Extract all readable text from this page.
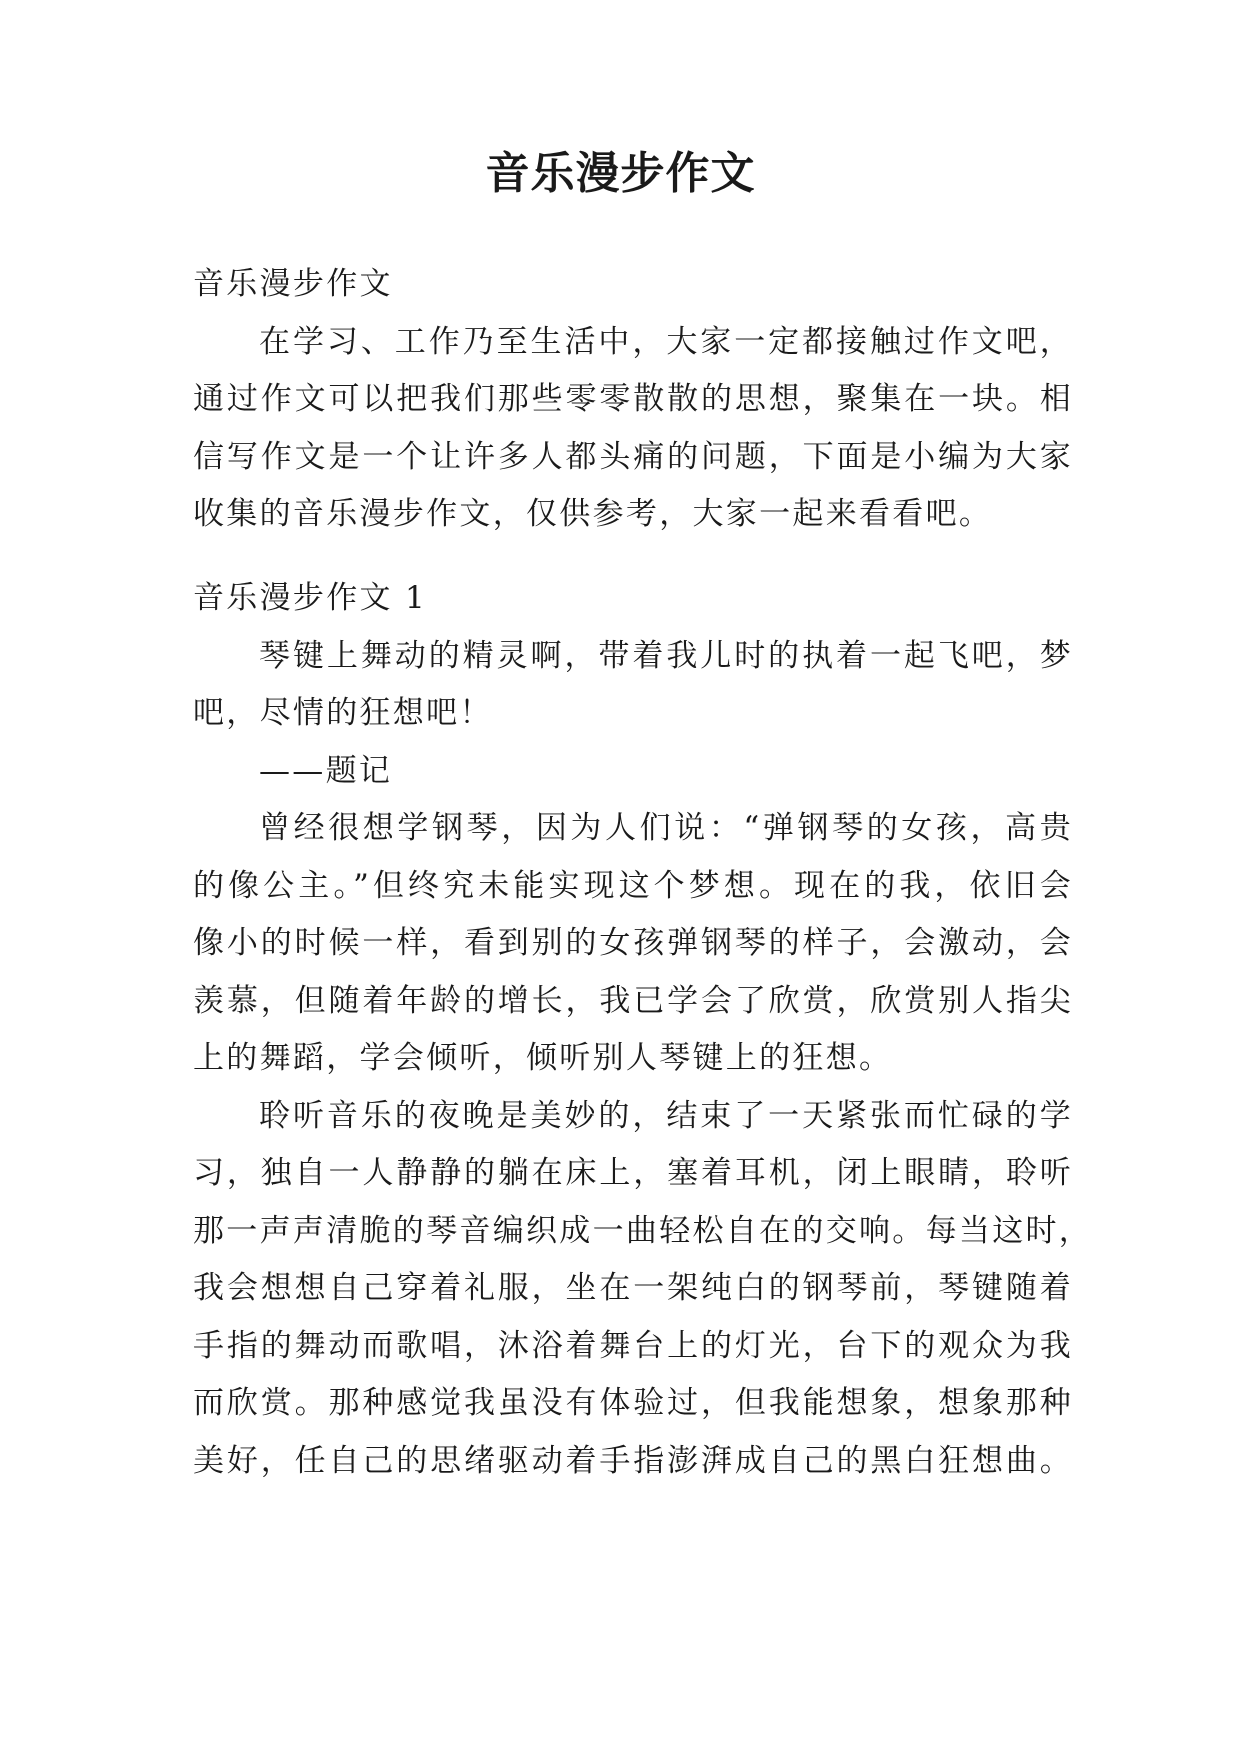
音乐漫步作文
音乐漫步作文
在学习、工作乃至生活中，大家一定都接触过作文吧，
通过作文可以把我们那些零零散散的思想，聚集在一块。相
信写作文是一个让许多人都头痛的问题，下面是小编为大家
收集的音乐漫步作文，仅供参考，大家一起来看看吧。
音乐漫步作文 1
琴键上舞动的精灵啊，带着我儿时的执着一起飞吧，梦
吧，尽情的狂想吧！
——题记
曾经很想学钢琴，因为人们说：“弹钢琴的女孩，高贵
的像公主。”但终究未能实现这个梦想。现在的我，依旧会
像小的时候一样，看到别的女孩弹钢琴的样子，会激动，会
羡慕，但随着年龄的增长，我已学会了欣赏，欣赏别人指尖
上的舞蹈，学会倾听，倾听别人琴键上的狂想。
聆听音乐的夜晚是美妙的，结束了一天紧张而忙碌的学
习，独自一人静静的躺在床上，塞着耳机，闭上眼睛，聆听
那一声声清脆的琴音编织成一曲轻松自在的交响。每当这时，
我会想想自己穿着礼服，坐在一架纯白的钢琴前，琴键随着
手指的舞动而歌唱，沐浴着舞台上的灯光，台下的观众为我
而欣赏。那种感觉我虽没有体验过，但我能想象，想象那种
美好，任自己的思绪驱动着手指澎湃成自己的黑白狂想曲。
